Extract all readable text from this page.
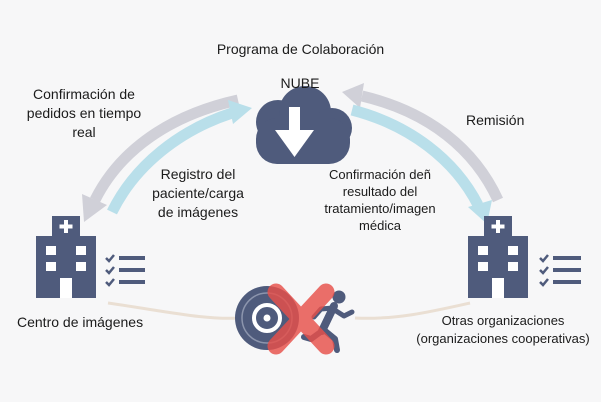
Programa de Colaboración
NUBE
Confirmación de
pedidos en tiempo
real
Registro del
paciente/carga
de imágenes
Remisión
Confirmación deñ
resultado del
tratamiento/imagen
médica
Centro de imágenes	Otras organizaciones
(organizaciones cooperativas)
